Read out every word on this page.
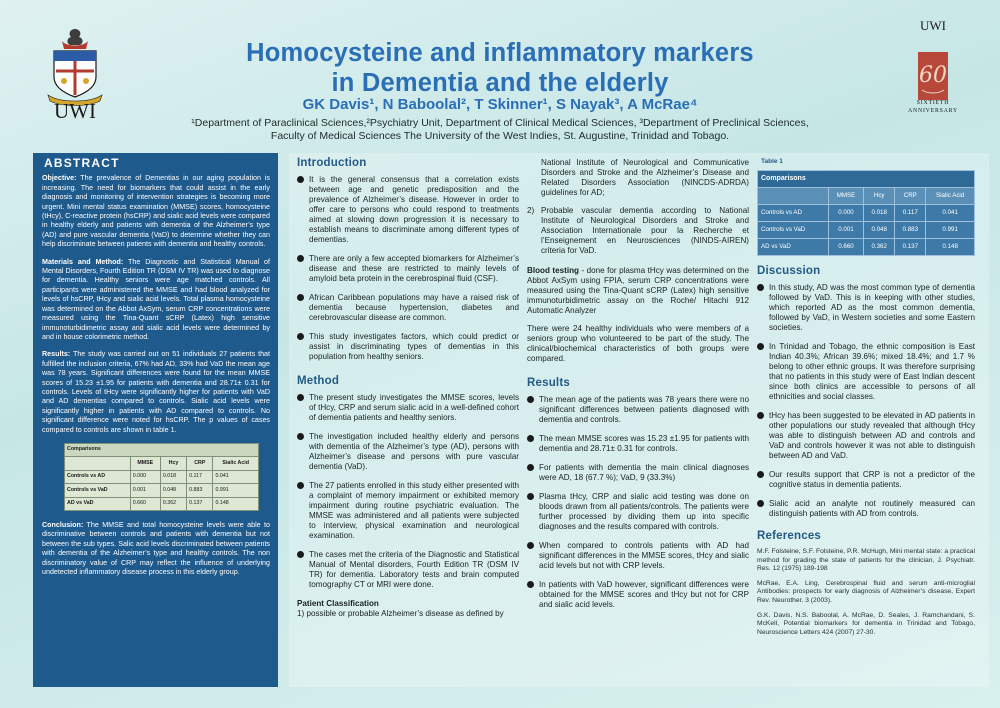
UWI
Homocysteine and inflammatory markers
in Dementia and the elderly
GK Davis¹, N Baboolal², T Skinner¹, S Nayak³, A McRae⁴
¹Department of Paraclinical Sciences,²Psychiatry Unit, Department of Clinical Medical Sciences, ³Department of Preclinical Sciences,
Faculty of Medical Sciences The University of the West Indies, St. Augustine, Trinidad and Tobago.
60
UWI
SIXTIETH
ANNIVERSARY
ABSTRACT

Objective: The prevalence of Dementias in our aging population is increasing. The need for biomarkers that could assist in the early diagnosis and monitoring of intervention strategies is becoming more urgent. Mini mental status examination (MMSE) scores, homocysteine (tHcy), C-reactive protein (hsCRP) and sialic acid levels were compared in healthy elderly and patients with dementia of the Alzheimer’s type (AD) and pure vascular dementia (VaD) to determine whether they can help discriminate between patients with dementia and healthy controls.

Materials and Method: The Diagnostic and Statistical Manual of Mental Disorders, Fourth Edition TR (DSM IV TR) was used to diagnose for dementia. Healthy seniors were age matched controls. All participants were administered the MMSE and had blood analyzed for levels of hsCRP, tHcy and sialic acid levels. Total plasma homocysteine was determined on the Abbot AxSym, serum CRP concentrations were measured using the Tina-Quant sCRP (Latex) high sensitive immunoturbidimetric assay and sialic acid levels were determined by and in house colorimetric method.

Results: The study was carried out on 51 individuals 27 patients that fulfilled the inclusion criteria, 67% had AD, 33% had VaD the mean age was 78 years. Significant differences were found for the mean MMSE scores of 15.23 ±1.95 for patients with dementia and 28.71± 0.31 for controls. Levels of tHcy were significantly higher for patients with VaD and AD dementias compared to controls. Sialic acid levels were significantly higher in patients with AD compared to controls. No significant difference were noted for hsCRP. The p values of cases compared to controls are shown in table 1.

Comparisons				
	MMSE	Hcy	CRP	Sialic Acid
Controls vs AD	0.000	0.018	0.117	0.041
Controls vs VaD	0.001	0.048	0.883	0.991
AD vs VaD	0.660	0.362	0.137	0.148

Conclusion: The MMSE and total homocysteine levels were able to discriminative between controls and patients with dementia but not between the sub types. Salic acid levels discriminated between patients with dementia of the Alzheimer’s type and healthy controls. The non discriminatory value of CRP may reflect the influence of underlying undetected inflammatory disease process in this elderly group.

Introduction
It is the general consensus that a correlation exists between age and genetic predisposition and the prevalence of Alzheimer’s disease. However in order to offer care to persons who could respond to treatments aimed at slowing down progression it is necessary to establish means to discriminate among different types of dementias.
There are only a few accepted biomarkers for Alzheimer’s disease and these are restricted to mainly levels of amyloid beta protein in the cerebrospinal fluid (CSF).
African Caribbean populations may have a raised risk of dementia because hypertension, diabetes and cerebrovascular disease are common.
This study investigates factors, which could predict or assist in discriminating types of dementias in this population from healthy seniors.
Method
The present study investigates the MMSE scores, levels of tHcy, CRP and serum sialic acid in a well-defined cohort of dementia patients and healthy seniors.
The investigation included healthy elderly and persons with dementia of the Alzheimer’s type (AD), persons with Alzheimer’s disease and persons with pure vascular dementia (VaD).
The 27 patients enrolled in this study either presented with a complaint of memory impairment or exhibited memory impairment during routine psychiatric evaluation. The MMSE was administered and all patients were subjected to interview, physical examination and neurological examination.
The cases met the criteria of the Diagnostic and Statistical Manual of Mental disorders, Fourth Edition TR (DSM IV TR) for dementia. Laboratory tests and brain computed tomography CT or MRI were done.
Patient Classification
1) possible or probable Alzheimer’s disease as defined by
National Institute of Neurological and Communicative Disorders and Stroke and the Alzheimer’s Disease and Related Disorders Association (NINCDS-ADRDA) guidelines for AD;
2) Probable vascular dementia according to National Institute of Neurological Disorders and Stroke and Association Internationale pour la Recherche et l’Enseignement en Neurosciences (NINDS-AIREN) criteria for VaD.

Blood testing - done for plasma tHcy was determined on the Abbot AxSym using FPIA, serum CRP concentrations were measured using the Tina-Quant sCRP (Latex) high sensitive immunoturbidimetric assay on the Roche/ Hitachi 912 Automatic Analyzer

There were 24 healthy individuals who were members of a seniors group who volunteered to be part of the study. The clinical/biochemical characteristics of both groups were compared.

Results
The mean age of the patients was 78 years there were no significant differences between patients diagnosed with dementia and controls.
The mean MMSE scores was 15.23 ±1.95 for patients with dementia and 28.71± 0.31 for controls.
For patients with dementia the main clinical diagnoses were AD, 18 (67.7 %); VaD, 9 (33.3%)
Plasma tHcy, CRP and sialic acid testing was done on bloods drawn from all patients/controls. The patients were further processed by dividing them up into specific diagnoses and the results compared with controls.
When compared to controls patients with AD had significant differences in the MMSE scores, tHcy and sialic acid levels but not with CRP levels.
In patients with VaD however, significant differences were obtained for the MMSE scores and tHcy but not for CRP and sialic acid levels.
Table 1
Comparisons				
	MMSE	Hcy	CRP	Sialic Acid
Controls vs AD	0.000	0.018	0.117	0.041
Controls vs VaD	0.001	0.048	0.883	0.991
AD vs VaD	0.660	0.362	0.137	0.148
Discussion
In this study, AD was the most common type of dementia followed by VaD. This is in keeping with other studies, which reported AD as the most common dementia, followed by VaD, in Western societies and some Eastern societies.
In Trinidad and Tobago, the ethnic composition is East Indian 40.3%; African 39.6%; mixed 18.4%; and 1.7 % belong to other ethnic groups. It was therefore surprising that no patients in this study were of East Indian descent since both clinics are accessible to persons of all ethnicities and social classes.
tHcy has been suggested to be elevated in AD patients in other populations our study revealed that although tHcy was able to distinguish between AD and controls and VaD and controls however it was not able to distinguish between AD and VaD.
Our results support that CRP is not a predictor of the cognitive status in dementia patients.
Sialic acid an analyte not routinely measured can distinguish patients with AD from controls.
References

M.F. Folsteine, S.F. Folsteine, P.R. McHugh, Mini mental state: a practical method for grading the state of patients for the clinician, J. Psychiatr. Res. 12 (1975) 189-198

McRae, E.A. Ling, Cerebrospinal fluid and serum anti-microglial Antibodies: prospects for early diagnosis of Alzheimer’s disease, Expert Rev. Neurother. 3 (2003).

G.K. Davis, N.S. Baboolal, A. McRae, D. Seales, J. Ramchandani, S. McKell, Potential biomarkers for dementia in Trinidad and Tobago, Neuroscience Letters 424 (2007) 27-30.
